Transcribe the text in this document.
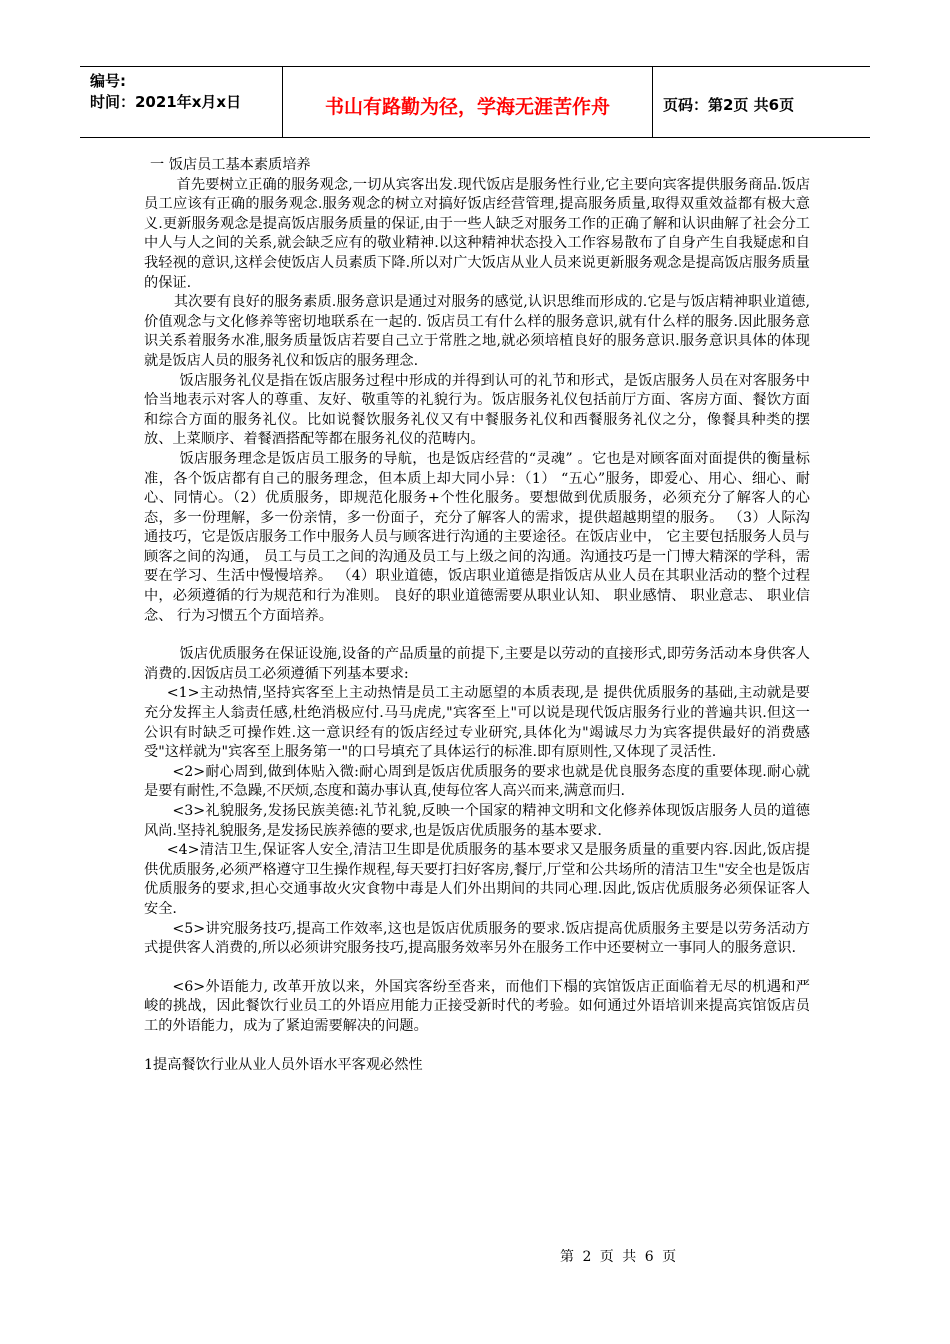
编号:
时间：2021年x月x日	书山有路勤为径，学海无涯苦作舟	页码：第2页 共6页

一 饭店员工基本素质培养

首先要树立正确的服务观念,一切从宾客出发.现代饭店是服务性行业,它主要向宾客提供服务商品.饭店员工应该有正确的服务观念.服务观念的树立对搞好饭店经营管理,提高服务质量,取得双重效益都有极大意义.更新服务观念是提高饭店服务质量的保证,由于一些人缺乏对服务工作的正确了解和认识曲解了社会分工中人与人之间的关系,就会缺乏应有的敬业精神.以这种精神状态投入工作容易散布了自身产生自我疑虑和自我轻视的意识,这样会使饭店人员素质下降.所以对广大饭店从业人员来说更新服务观念是提高饭店服务质量的保证.

其次要有良好的服务素质.服务意识是通过对服务的感觉,认识思维而形成的.它是与饭店精神职业道德,价值观念与文化修养等密切地联系在一起的. 饭店员工有什么样的服务意识,就有什么样的服务.因此服务意识关系着服务水准,服务质量饭店若要自己立于常胜之地,就必须培植良好的服务意识.服务意识具体的体现就是饭店人员的服务礼仪和饭店的服务理念.

饭店服务礼仪是指在饭店服务过程中形成的并得到认可的礼节和形式，是饭店服务人员在对客服务中恰当地表示对客人的尊重、友好、敬重等的礼貌行为。饭店服务礼仪包括前厅方面、客房方面、餐饮方面和综合方面的服务礼仪。比如说餐饮服务礼仪又有中餐服务礼仪和西餐服务礼仪之分，像餐具种类的摆放、上菜顺序、着餐酒搭配等都在服务礼仪的范畴内。

饭店服务理念是饭店员工服务的导航，也是饭店经营的“灵魂” 。它也是对顾客面对面提供的衡量标准，各个饭店都有自己的服务理念，但本质上却大同小异：（1） “五心”服务，即爱心、用心、细心、耐心、同情心。（2）优质服务，即规范化服务+个性化服务。要想做到优质服务，必须充分了解客人的心态，多一份理解，多一份亲情，多一份面子，充分了解客人的需求，提供超越期望的服务。 （3）人际沟通技巧，它是饭店服务工作中服务人员与顾客进行沟通的主要途径。在饭店业中， 它主要包括服务人员与顾客之间的沟通， 员工与员工之间的沟通及员工与上级之间的沟通。沟通技巧是一门博大精深的学科，需要在学习、生活中慢慢培养。 （4）职业道德，饭店职业道德是指饭店从业人员在其职业活动的整个过程中，必须遵循的行为规范和行为准则。 良好的职业道德需要从职业认知、 职业感情、 职业意志、 职业信念、 行为习惯五个方面培养。

饭店优质服务在保证设施,设备的产品质量的前提下,主要是以劳动的直接形式,即劳务活动本身供客人消费的.因饭店员工必须遵循下列基本要求:

<1>主动热情,坚持宾客至上主动热情是员工主动愿望的本质表现,是 提供优质服务的基础,主动就是要充分发挥主人翁责任感,杜绝消极应付.马马虎虎,"宾客至上"可以说是现代饭店服务行业的普遍共识.但这一公识有时缺乏可操作姓.这一意识经有的饭店经过专业研究,具体化为"竭诚尽力为宾客提供最好的消费感受"这样就为"宾客至上服务第一"的口号填充了具体运行的标准.即有原则性,又体现了灵活性.

<2>耐心周到,做到体贴入微:耐心周到是饭店优质服务的要求也就是优良服务态度的重要体现.耐心就是要有耐性,不急躁,不厌烦,态度和蔼办事认真,使每位客人高兴而来,满意而归.

<3>礼貌服务,发扬民族美德:礼节礼貌,反映一个国家的精神文明和文化修养体现饭店服务人员的道德风尚.坚持礼貌服务,是发扬民族养德的要求,也是饭店优质服务的基本要求.

<4>清洁卫生,保证客人安全,清洁卫生即是优质服务的基本要求又是服务质量的重要内容.因此,饭店提供优质服务,必须严格遵守卫生操作规程,每天要打扫好客房,餐厅,厅堂和公共场所的清洁卫生"安全也是饭店优质服务的要求,担心交通事故火灾食物中毒是人们外出期间的共同心理.因此,饭店优质服务必须保证客人安全.

<5>讲究服务技巧,提高工作效率,这也是饭店优质服务的要求.饭店提高优质服务主要是以劳务活动方式提供客人消费的,所以必须讲究服务技巧,提高服务效率另外在服务工作中还要树立一事同人的服务意识.

<6>外语能力, 改革开放以来，外国宾客纷至沓来，而他们下榻的宾馆饭店正面临着无尽的机遇和严峻的挑战，因此餐饮行业员工的外语应用能力正接受新时代的考验。如何通过外语培训来提高宾馆饭店员工的外语能力，成为了紧迫需要解决的问题。

1提高餐饮行业从业人员外语水平客观必然性

第 2 页 共 6 页
